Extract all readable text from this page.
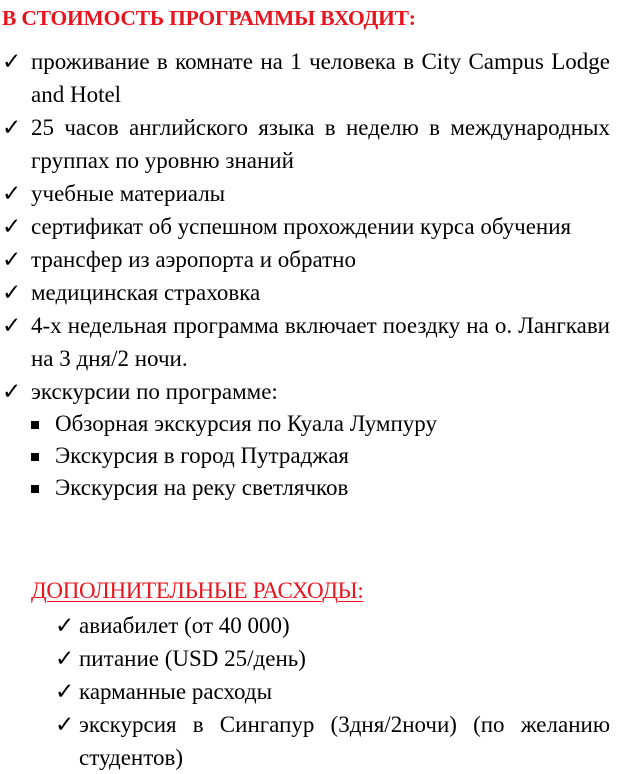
В СТОИМОСТЬ ПРОГРАММЫ ВХОДИТ:
✓ проживание в комнате на 1 человека в City Campus Lodge and Hotel
✓ 25 часов английского языка в неделю в международных группах по уровню знаний
✓ учебные материалы
✓ сертификат об успешном прохождении курса обучения
✓ трансфер из аэропорта и обратно
✓ медицинская страховка
✓ 4-х недельная программа включает поездку на о. Лангкави на 3 дня/2 ночи.
✓ экскурсии по программе:
Обзорная экскурсия по Куала Лумпуру
Экскурсия в город Путраджая
Экскурсия на реку светлячков
ДОПОЛНИТЕЛЬНЫЕ РАСХОДЫ:
✓ авиабилет (от 40 000)
✓ питание (USD 25/день)
✓ карманные расходы
✓ экскурсия в Сингапур (3дня/2ночи) (по желанию студентов)
